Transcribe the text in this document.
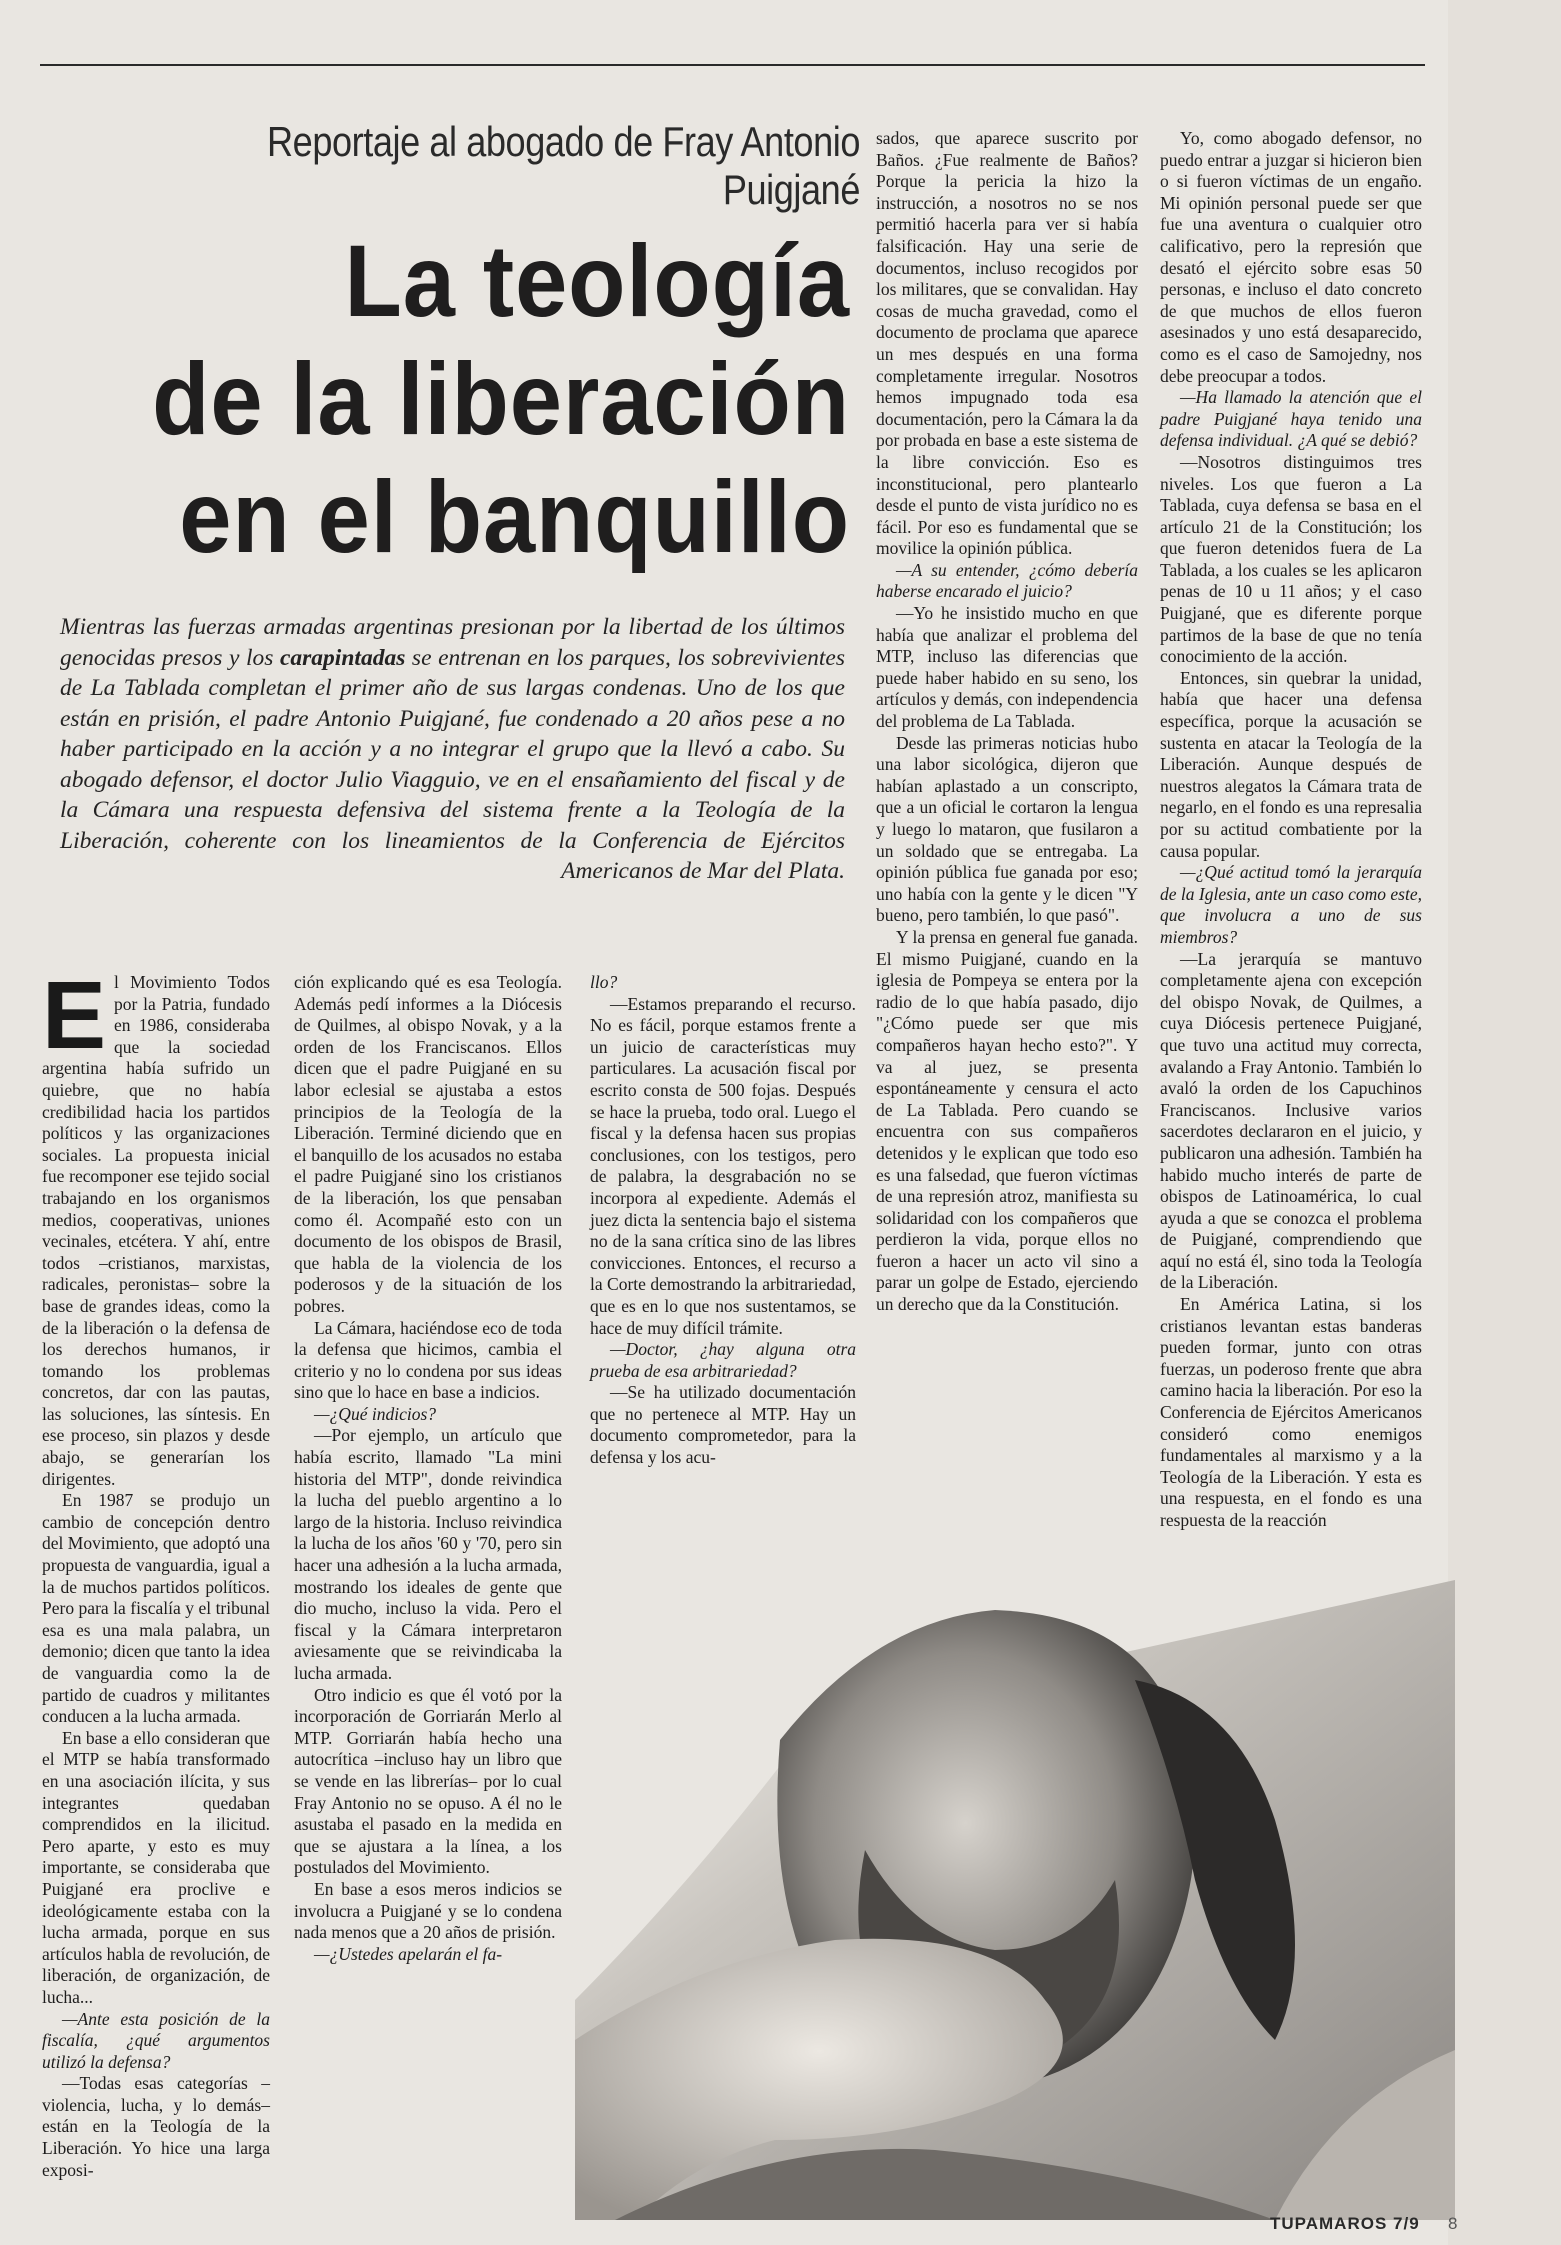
Reportaje al abogado de Fray Antonio Puigjané
La teología
de la liberación
en el banquillo
Mientras las fuerzas armadas argentinas presionan por la libertad de los últimos genocidas presos y los carapintadas se entrenan en los parques, los sobrevivientes de La Tablada completan el primer año de sus largas condenas. Uno de los que están en prisión, el padre Antonio Puigjané, fue condenado a 20 años pese a no haber participado en la acción y a no integrar el grupo que la llevó a cabo. Su abogado defensor, el doctor Julio Viagguio, ve en el ensañamiento del fiscal y de la Cámara una respuesta defensiva del sistema frente a la Teología de la Liberación, coherente con los lineamientos de la Conferencia de Ejércitos Americanos de Mar del Plata.

El Movimiento Todos por la Patria, fundado en 1986, consideraba que la sociedad argentina había sufrido un quiebre, que no había credibilidad hacia los partidos políticos y las organizaciones sociales. La propuesta inicial fue recomponer ese tejido social trabajando en los organismos medios, cooperativas, uniones vecinales, etcétera. Y ahí, entre todos –cristianos, marxistas, radicales, peronistas– sobre la base de grandes ideas, como la de la liberación o la defensa de los derechos humanos, ir tomando los problemas concretos, dar con las pautas, las soluciones, las síntesis. En ese proceso, sin plazos y desde abajo, se generarían los dirigentes.

En 1987 se produjo un cambio de concepción dentro del Movimiento, que adoptó una propuesta de vanguardia, igual a la de muchos partidos políticos. Pero para la fiscalía y el tribunal esa es una mala palabra, un demonio; dicen que tanto la idea de vanguardia como la de partido de cuadros y militantes conducen a la lucha armada.

En base a ello consideran que el MTP se había transformado en una asociación ilícita, y sus integrantes quedaban comprendidos en la ilicitud. Pero aparte, y esto es muy importante, se consideraba que Puigjané era proclive e ideológicamente estaba con la lucha armada, porque en sus artículos habla de revolución, de liberación, de organización, de lucha...

—Ante esta posición de la fiscalía, ¿qué argumentos utilizó la defensa?

—Todas esas categorías –violencia, lucha, y lo demás– están en la Teología de la Liberación. Yo hice una larga exposi-

ción explicando qué es esa Teología. Además pedí informes a la Diócesis de Quilmes, al obispo Novak, y a la orden de los Franciscanos. Ellos dicen que el padre Puigjané en su labor eclesial se ajustaba a estos principios de la Teología de la Liberación. Terminé diciendo que en el banquillo de los acusados no estaba el padre Puigjané sino los cristianos de la liberación, los que pensaban como él. Acompañé esto con un documento de los obispos de Brasil, que habla de la violencia de los poderosos y de la situación de los pobres.

La Cámara, haciéndose eco de toda la defensa que hicimos, cambia el criterio y no lo condena por sus ideas sino que lo hace en base a indicios.

—¿Qué indicios?

—Por ejemplo, un artículo que había escrito, llamado "La mini historia del MTP", donde reivindica la lucha del pueblo argentino a lo largo de la historia. Incluso reivindica la lucha de los años '60 y '70, pero sin hacer una adhesión a la lucha armada, mostrando los ideales de gente que dio mucho, incluso la vida. Pero el fiscal y la Cámara interpretaron aviesamente que se reivindicaba la lucha armada.

Otro indicio es que él votó por la incorporación de Gorriarán Merlo al MTP. Gorriarán había hecho una autocrítica –incluso hay un libro que se vende en las librerías– por lo cual Fray Antonio no se opuso. A él no le asustaba el pasado en la medida en que se ajustara a la línea, a los postulados del Movimiento.

En base a esos meros indicios se involucra a Puigjané y se lo condena nada menos que a 20 años de prisión.

—¿Ustedes apelarán el fa-

llo?

—Estamos preparando el recurso. No es fácil, porque estamos frente a un juicio de características muy particulares. La acusación fiscal por escrito consta de 500 fojas. Después se hace la prueba, todo oral. Luego el fiscal y la defensa hacen sus propias conclusiones, con los testigos, pero de palabra, la desgrabación no se incorpora al expediente. Además el juez dicta la sentencia bajo el sistema no de la sana crítica sino de las libres convicciones. Entonces, el recurso a la Corte demostrando la arbitrariedad, que es en lo que nos sustentamos, se hace de muy difícil trámite.

—Doctor, ¿hay alguna otra prueba de esa arbitrariedad?

—Se ha utilizado documentación que no pertenece al MTP. Hay un documento comprometedor, para la defensa y los acu-

sados, que aparece suscrito por Baños. ¿Fue realmente de Baños? Porque la pericia la hizo la instrucción, a nosotros no se nos permitió hacerla para ver si había falsificación. Hay una serie de documentos, incluso recogidos por los militares, que se convalidan. Hay cosas de mucha gravedad, como el documento de proclama que aparece un mes después en una forma completamente irregular. Nosotros hemos impugnado toda esa documentación, pero la Cámara la da por probada en base a este sistema de la libre convicción. Eso es inconstitucional, pero plantearlo desde el punto de vista jurídico no es fácil. Por eso es fundamental que se movilice la opinión pública.

—A su entender, ¿cómo debería haberse encarado el juicio?

—Yo he insistido mucho en que había que analizar el problema del MTP, incluso las diferencias que puede haber habido en su seno, los artículos y demás, con independencia del problema de La Tablada.

Desde las primeras noticias hubo una labor sicológica, dijeron que habían aplastado a un conscripto, que a un oficial le cortaron la lengua y luego lo mataron, que fusilaron a un soldado que se entregaba. La opinión pública fue ganada por eso; uno había con la gente y le dicen "Y bueno, pero también, lo que pasó".

Y la prensa en general fue ganada. El mismo Puigjané, cuando en la iglesia de Pompeya se entera por la radio de lo que había pasado, dijo "¿Cómo puede ser que mis compañeros hayan hecho esto?". Y va al juez, se presenta espontáneamente y censura el acto de La Tablada. Pero cuando se encuentra con sus compañeros detenidos y le explican que todo eso es una falsedad, que fueron víctimas de una represión atroz, manifiesta su solidaridad con los compañeros que perdieron la vida, porque ellos no fueron a hacer un acto vil sino a parar un golpe de Estado, ejerciendo un derecho que da la Constitución.

Yo, como abogado defensor, no puedo entrar a juzgar si hicieron bien o si fueron víctimas de un engaño. Mi opinión personal puede ser que fue una aventura o cualquier otro calificativo, pero la represión que desató el ejército sobre esas 50 personas, e incluso el dato concreto de que muchos de ellos fueron asesinados y uno está desaparecido, como es el caso de Samojedny, nos debe preocupar a todos.

—Ha llamado la atención que el padre Puigjané haya tenido una defensa individual. ¿A qué se debió?

—Nosotros distinguimos tres niveles. Los que fueron a La Tablada, cuya defensa se basa en el artículo 21 de la Constitución; los que fueron detenidos fuera de La Tablada, a los cuales se les aplicaron penas de 10 u 11 años; y el caso Puigjané, que es diferente porque partimos de la base de que no tenía conocimiento de la acción.

Entonces, sin quebrar la unidad, había que hacer una defensa específica, porque la acusación se sustenta en atacar la Teología de la Liberación. Aunque después de nuestros alegatos la Cámara trata de negarlo, en el fondo es una represalia por su actitud combatiente por la causa popular.

—¿Qué actitud tomó la jerarquía de la Iglesia, ante un caso como este, que involucra a uno de sus miembros?

—La jerarquía se mantuvo completamente ajena con excepción del obispo Novak, de Quilmes, a cuya Diócesis pertenece Puigjané, que tuvo una actitud muy correcta, avalando a Fray Antonio. También lo avaló la orden de los Capuchinos Franciscanos. Inclusive varios sacerdotes declararon en el juicio, y publicaron una adhesión. También ha habido mucho interés de parte de obispos de Latinoamérica, lo cual ayuda a que se conozca el problema de Puigjané, comprendiendo que aquí no está él, sino toda la Teología de la Liberación.

En América Latina, si los cristianos levantan estas banderas pueden formar, junto con otras fuerzas, un poderoso frente que abra camino hacia la liberación. Por eso la Conferencia de Ejércitos Americanos consideró como enemigos fundamentales al marxismo y a la Teología de la Liberación. Y esta es una respuesta, en el fondo es una respuesta de la reacción

TUPAMAROS 7/9 8
